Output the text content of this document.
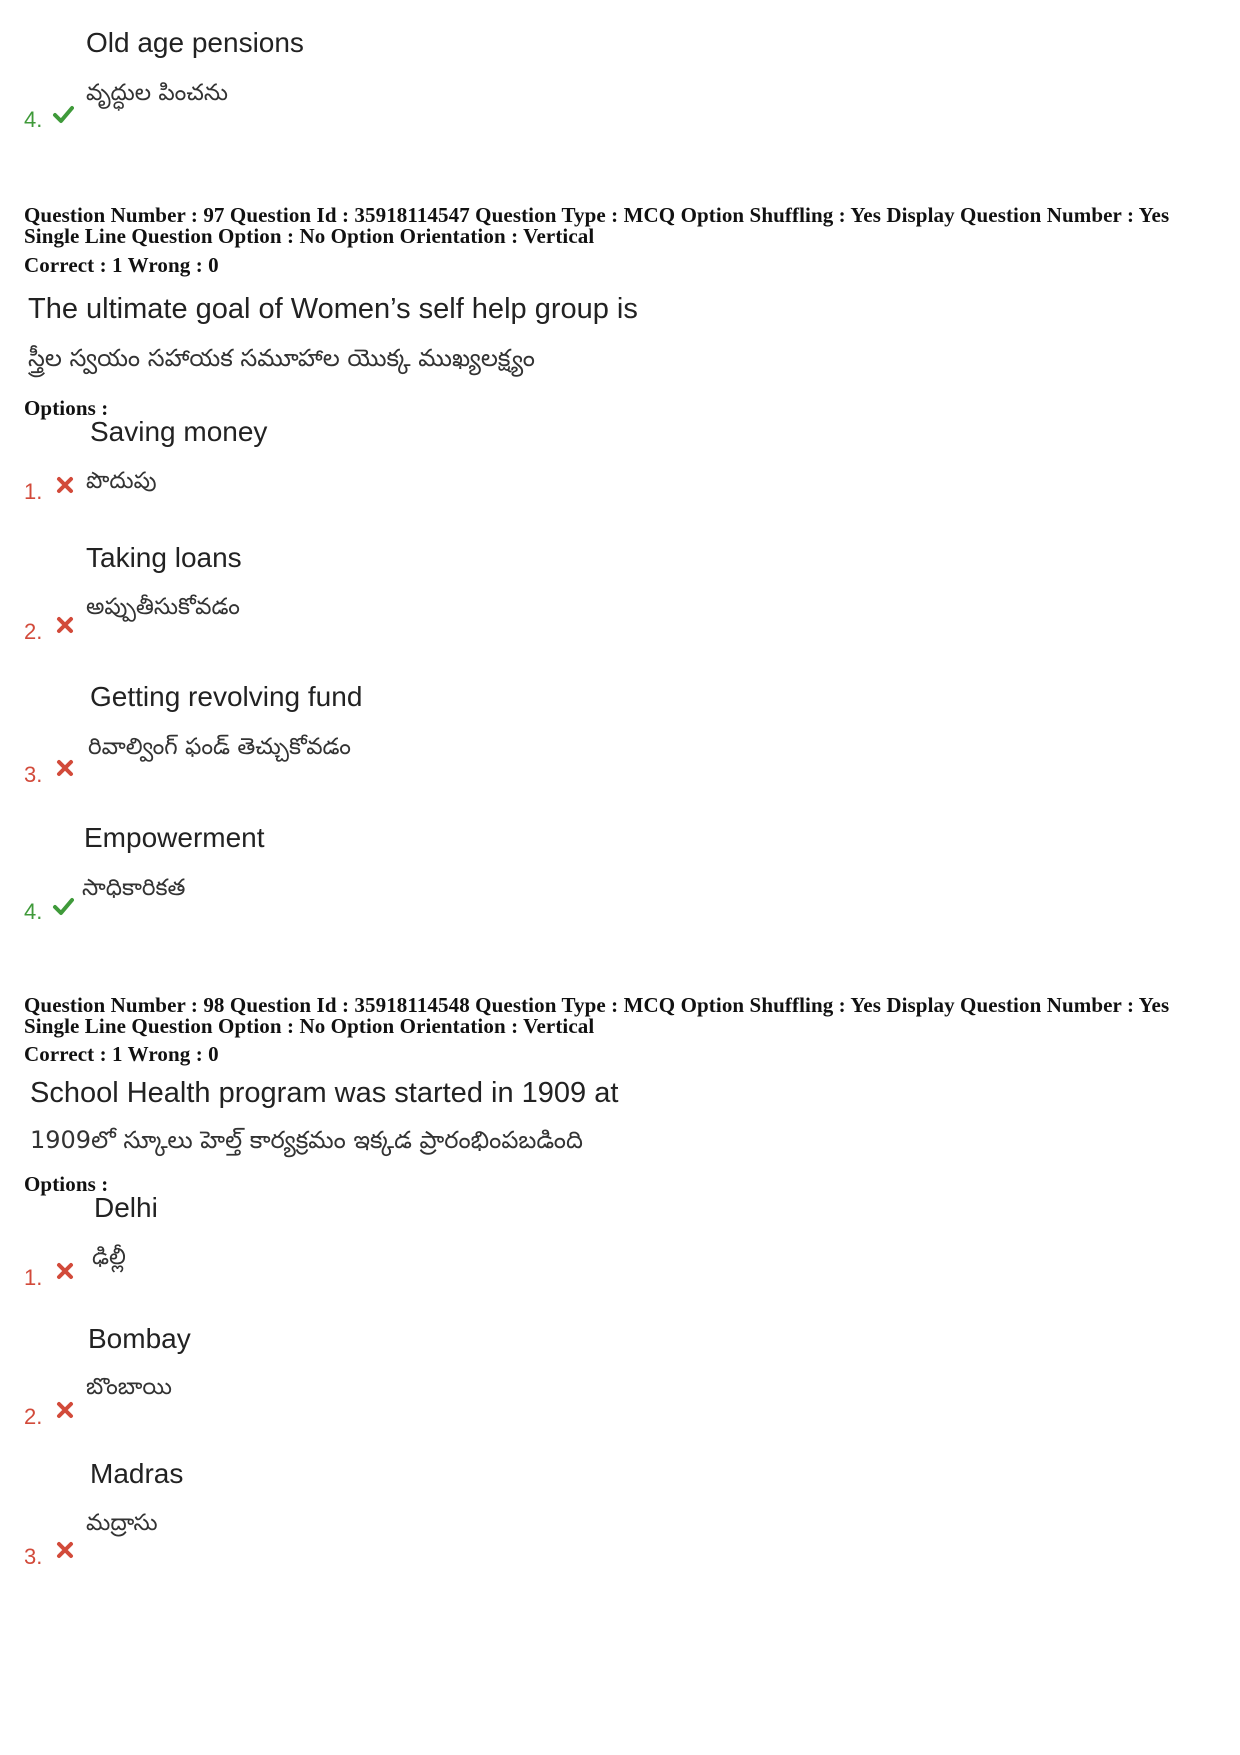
Old age pensions
వృద్ధుల పించను
4.
Question Number : 97 Question Id : 35918114547 Question Type : MCQ Option Shuffling : Yes Display Question Number : Yes
Single Line Question Option : No Option Orientation : Vertical
Correct : 1 Wrong : 0
The ultimate goal of Women’s self help group is
స్త్రీల స్వయం సహాయక సమూహాల యొక్క ముఖ్యలక్ష్యం
Options :
Saving money
పొదుపు
1.
Taking loans
అప్పుతీసుకోవడం
2.
Getting revolving fund
రివాల్వింగ్ ఫండ్ తెచ్చుకోవడం
3.
Empowerment
సాధికారికత
4.
Question Number : 98 Question Id : 35918114548 Question Type : MCQ Option Shuffling : Yes Display Question Number : Yes
Single Line Question Option : No Option Orientation : Vertical
Correct : 1 Wrong : 0
School Health program was started in 1909 at
1909లో స్కూలు హెల్త్ కార్యక్రమం ఇక్కడ ప్రారంభింపబడింది
Options :
Delhi
ఢిల్లీ
1.
Bombay
బొంబాయి
2.
Madras
మద్రాసు
3.
